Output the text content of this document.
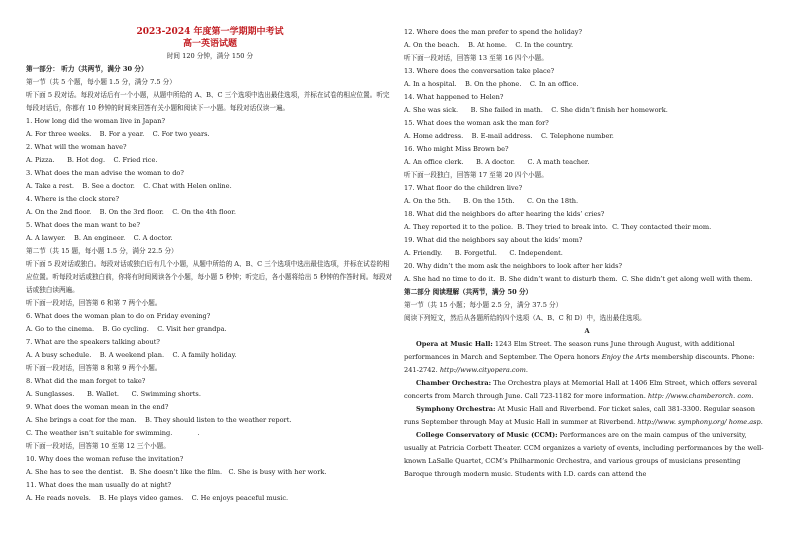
2023-2024 年度第一学期期中考试
高一英语试题
时间 120 分钟，满分 150 分
第一部分： 听力（共两节，满分 30 分）
第一节（共 5 个题，每小题 1.5 分，满分 7.5 分）
听下面 5 段对话。每段对话后有一个小题，从题中所给的 A、B、C 三个选项中选出最佳选项，并标在试卷的相应位置。听完每段对话后，你都有 10 秒钟的时间来回答有关小题和阅读下一小题。每段对话仅读一遍。
1. How long did the woman live in Japan?
A. For three weeks. B. For a year. C. For two years.
2. What will the woman have?
A. Pizza. B. Hot dog. C. Fried rice.
3. What does the man advise the woman to do?
A. Take a rest. B. See a doctor. C. Chat with Helen online.
4. Where is the clock store?
A. On the 2nd floor. B. On the 3rd floor. C. On the 4th floor.
5. What does the man want to be?
A. A lawyer. B. An engineer. C. A doctor.
第二节（共 15 题，每小题 1.5 分，满分 22.5 分）
听下面 5 段对话或独白。每段对话或独白后有几个小题，从题中所给的 A、B、C 三个选项中选出最佳选项，并标在试卷的相应位置。听每段对话或独白前，你将有时间阅读各个小题，每小题 5 秒钟；听完后，各小题将给出 5 秒钟的作答时间。每段对话或独白读两遍。
听下面一段对话，回答第 6 和第 7 两个小题。
6. What does the woman plan to do on Friday evening?
A. Go to the cinema. B. Go cycling. C. Visit her grandpa.
7. What are the speakers talking about?
A. A busy schedule. B. A weekend plan. C. A family holiday.
听下面一段对话，回答第 8 和第 9 两个小题。
8. What did the man forget to take?
A. Sunglasses. B. Wallet. C. Swimming shorts.
9. What does the woman mean in the end?
A. She brings a coat for the man. B. They should listen to the weather report.
C. The weather isn’t suitable for swimming.	.
听下面一段对话，回答第 10 至第 12 三个小题。
10. Why does the woman refuse the invitation?
A. She has to see the dentist. B. She doesn’t like the film. C. She is busy with her work.
11. What does the man usually do at night?
A. He reads novels. B. He plays video games. C. He enjoys peaceful music.
12. Where does the man prefer to spend the holiday?
A. On the beach. B. At home. C. In the country.
听下面一段对话，回答第 13 至第 16 四个小题。
13. Where does the conversation take place?
A. In a hospital. B. On the phone. C. In an office.
14. What happened to Helen?
A. She was sick. B. She failed in math. C. She didn’t finish her homework.
15. What does the woman ask the man for?
A. Home address. B. E-mail address. C. Telephone number.
16. Who might Miss Brown be?
A. An office clerk. B. A doctor. C. A math teacher.
听下面一段独白，回答第 17 至第 20 四个小题。
17. What floor do the children live?
A. On the 5th. B. On the 15th. C. On the 18th.
18. What did the neighbors do after hearing the kids’ cries?
A. They reported it to the police. B. They tried to break into. C. They contacted their mom.
19. What did the neighbors say about the kids’ mom?
A. Friendly. B. Forgetful. C. Independent.
20. Why didn’t the mom ask the neighbors to look after her kids?
A. She had no time to do it. B. She didn’t want to disturb them. C. She didn’t get along well with them.
第二部分 阅读理解（共两节，满分 50 分）
第一节（共 15 小题；每小题 2.5 分，满分 37.5 分）
阅读下列短文，然后从各题所给的四个选项（A、B、C 和 D）中，选出最佳选项。
A
Opera at Music Hall: 1243 Elm Street. The season runs June through August, with additional performances in March and September. The Opera honors Enjoy the Arts membership discounts. Phone: 241-2742. http://www.cityopera.com.
Chamber Orchestra: The Orchestra plays at Memorial Hall at 1406 Elm Street, which offers several concerts from March through June. Call 723-1182 for more information. http: //www.chamberorch. com.
Symphony Orchestra: At Music Hall and Riverbend. For ticket sales, call 381-3300. Regular season runs September through May at Music Hall in summer at Riverbend. http://www. symphony.org/ home.asp.
College Conservatory of Music (CCM): Performances are on the main campus of the university, usually at Patricia Corbett Theater. CCM organizes a variety of events, including performances by the well-known LaSalle Quartet, CCM’s Philharmonic Orchestra, and various groups of musicians presenting Baroque through modern music. Students with I.D. cards can attend the
